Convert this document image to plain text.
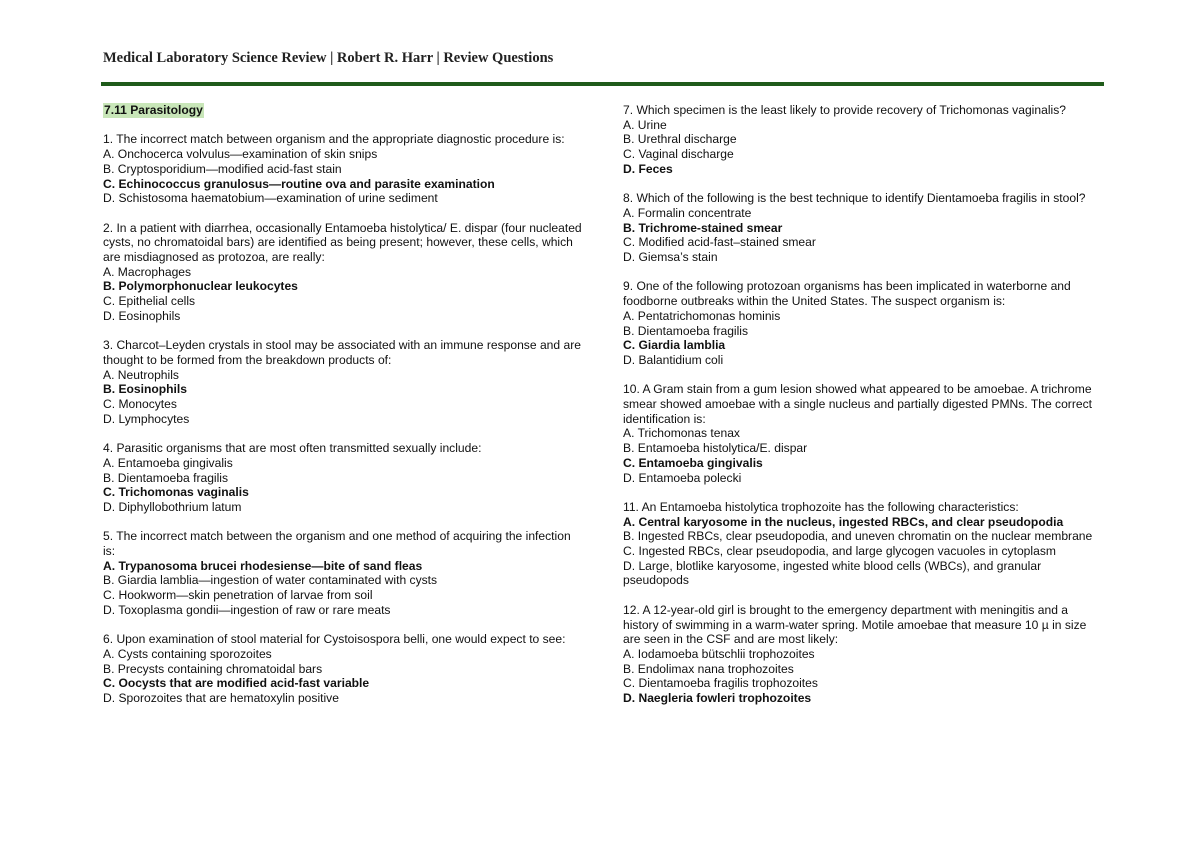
Medical Laboratory Science Review | Robert R. Harr | Review Questions
7.11 Parasitology
1. The incorrect match between organism and the appropriate diagnostic procedure is:
A. Onchocerca volvulus—examination of skin snips
B. Cryptosporidium—modified acid-fast stain
C. Echinococcus granulosus—routine ova and parasite examination
D. Schistosoma haematobium—examination of urine sediment
2. In a patient with diarrhea, occasionally Entamoeba histolytica/ E. dispar (four nucleated cysts, no chromatoidal bars) are identified as being present; however, these cells, which are misdiagnosed as protozoa, are really:
A. Macrophages
B. Polymorphonuclear leukocytes
C. Epithelial cells
D. Eosinophils
3. Charcot–Leyden crystals in stool may be associated with an immune response and are thought to be formed from the breakdown products of:
A. Neutrophils
B. Eosinophils
C. Monocytes
D. Lymphocytes
4. Parasitic organisms that are most often transmitted sexually include:
A. Entamoeba gingivalis
B. Dientamoeba fragilis
C. Trichomonas vaginalis
D. Diphyllobothrium latum
5. The incorrect match between the organism and one method of acquiring the infection is:
A. Trypanosoma brucei rhodesiense—bite of sand fleas
B. Giardia lamblia—ingestion of water contaminated with cysts
C. Hookworm—skin penetration of larvae from soil
D. Toxoplasma gondii—ingestion of raw or rare meats
6. Upon examination of stool material for Cystoisospora belli, one would expect to see:
A. Cysts containing sporozoites
B. Precysts containing chromatoidal bars
C. Oocysts that are modified acid-fast variable
D. Sporozoites that are hematoxylin positive
7. Which specimen is the least likely to provide recovery of Trichomonas vaginalis?
A. Urine
B. Urethral discharge
C. Vaginal discharge
D. Feces
8. Which of the following is the best technique to identify Dientamoeba fragilis in stool?
A. Formalin concentrate
B. Trichrome-stained smear
C. Modified acid-fast–stained smear
D. Giemsa’s stain
9. One of the following protozoan organisms has been implicated in waterborne and foodborne outbreaks within the United States. The suspect organism is:
A. Pentatrichomonas hominis
B. Dientamoeba fragilis
C. Giardia lamblia
D. Balantidium coli
10. A Gram stain from a gum lesion showed what appeared to be amoebae. A trichrome smear showed amoebae with a single nucleus and partially digested PMNs. The correct identification is:
A. Trichomonas tenax
B. Entamoeba histolytica/E. dispar
C. Entamoeba gingivalis
D. Entamoeba polecki
11. An Entamoeba histolytica trophozoite has the following characteristics:
A. Central karyosome in the nucleus, ingested RBCs, and clear pseudopodia
B. Ingested RBCs, clear pseudopodia, and uneven chromatin on the nuclear membrane
C. Ingested RBCs, clear pseudopodia, and large glycogen vacuoles in cytoplasm
D. Large, blotlike karyosome, ingested white blood cells (WBCs), and granular pseudopods
12. A 12-year-old girl is brought to the emergency department with meningitis and a history of swimming in a warm-water spring. Motile amoebae that measure 10 µ in size are seen in the CSF and are most likely:
A. Iodamoeba bütschlii trophozoites
B. Endolimax nana trophozoites
C. Dientamoeba fragilis trophozoites
D. Naegleria fowleri trophozoites
